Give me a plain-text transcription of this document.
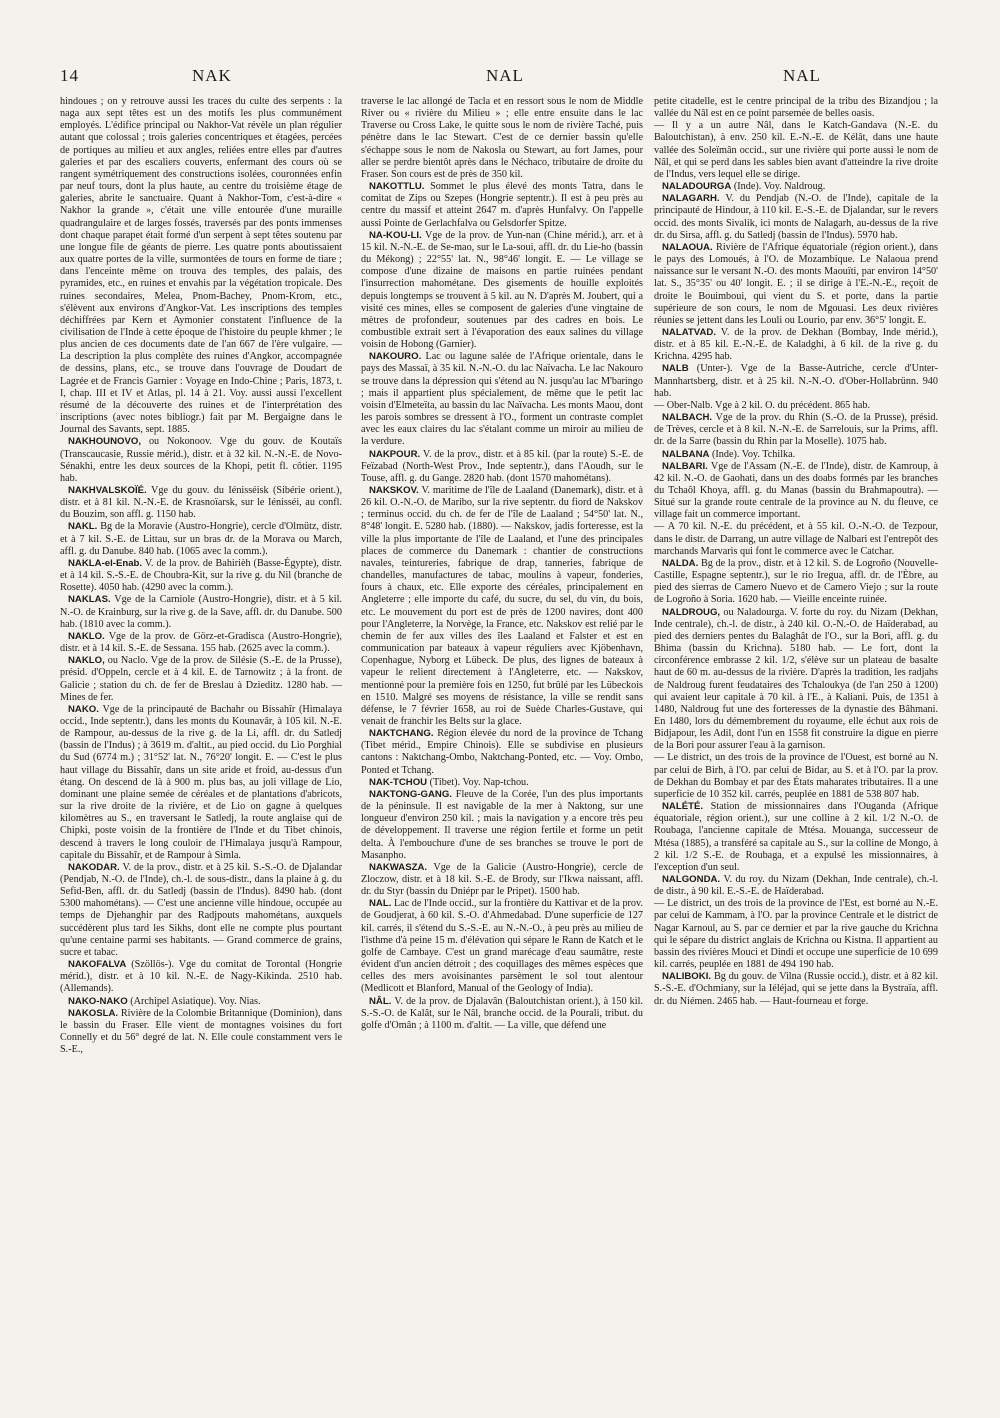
14	NAK	NAL	NAL

hindoues ; on y retrouve aussi les traces du culte des serpents : la naga aux sept têtes est un des motifs les plus communément employés. L'édifice principal ou Nakhor-Vat révèle un plan régulier autant que colossal ; trois galeries concentriques et étagées, percées de portiques au milieu et aux angles, reliées entre elles par d'autres galeries et par des escaliers couverts, enfermant des cours où se rangent symétriquement des constructions isolées, couronnées enfin par neuf tours, dont la plus haute, au centre du troisième étage de galeries, abrite le sanctuaire. Quant à Nakhor-Tom, c'est-à-dire « Nakhor la grande », c'était une ville entourée d'une muraille quadrangulaire et de larges fossés, traversés par des ponts immenses dont chaque parapet était formé d'un serpent à sept têtes soutenu par une longue file de géants de pierre. Les quatre ponts aboutissaient aux quatre portes de la ville, surmontées de tours en forme de tiare ; dans l'enceinte même on trouva des temples, des palais, des pyramides, etc., en ruines et envahis par la végétation tropicale. Des ruines secondaires, Melea, Pnom-Bachey, Pnom-Krom, etc., s'élèvent aux environs d'Angkor-Vat. Les inscriptions des temples déchiffrées par Kern et Aymonier constatent l'influence de la civilisation de l'Inde à cette époque de l'histoire du peuple khmer ; le plus ancien de ces documents date de l'an 667 de l'ère vulgaire. — La description la plus complète des ruines d'Angkor, accompagnée de dessins, plans, etc., se trouve dans l'ouvrage de Doudart de Lagrée et de Francis Garnier : Voyage en Indo-Chine ; Paris, 1873, t. I, chap. III et IV et Atlas, pl. 14 à 21. Voy. aussi aussi l'excellent résumé de la découverte des ruines et de l'interprétation des inscriptions (avec notes bibliogr.) fait par M. Bergaigne dans le Journal des Savants, sept. 1885.

NAKHOUNOVO, ou Nokonoov. Vge du gouv. de Koutaïs (Transcaucasie, Russie mérid.), distr. et à 32 kil. N.-N.-E. de Novo-Sénakhi, entre les deux sources de la Khopi, petit fl. côtier. 1195 hab.

NAKHVALSKOÏÉ. Vge du gouv. du Iénisséisk (Sibérie orient.), distr. et à 81 kil. N.-N.-E. de Krasnoïarsk, sur le Iénisséi, au confl. du Bouzim, son affl. g. 1150 hab.

NAKL. Bg de la Moravie (Austro-Hongrie), cercle d'Olmütz, distr. et à 7 kil. S.-E. de Littau, sur un bras dr. de la Morava ou March, affl. g. du Danube. 840 hab. (1065 avec la comm.).

NAKLA-el-Enab. V. de la prov. de Bahirièh (Basse-Égypte), distr. et à 14 kil. S.-S.-E. de Choubra-Kit, sur la rive g. du Nil (branche de Rosette). 4050 hab. (4290 avec la comm.).

NAKLAS. Vge de la Carniole (Austro-Hongrie), distr. et à 5 kil. N.-O. de Krainburg, sur la rive g. de la Save, affl. dr. du Danube. 500 hab. (1810 avec la comm.).

NAKLO. Vge de la prov. de Görz-et-Gradisca (Austro-Hongrie), distr. et à 14 kil. S.-E. de Sessana. 155 hab. (2625 avec la comm.).

NAKLO, ou Naclo. Vge de la prov. de Silésie (S.-E. de la Prusse), présid. d'Oppeln, cercle et à 4 kil. E. de Tarnowitz ; à la front. de Galicie ; station du ch. de fer de Breslau à Dzieditz. 1280 hab. — Mines de fer.

NAKO. Vge de la principauté de Bachahr ou Bissahîr (Himalaya occid., Inde septentr.), dans les monts du Kounavâr, à 105 kil. N.-E. de Rampour, au-dessus de la rive g. de la Li, affl. dr. du Satledj (bassin de l'Indus) ; à 3619 m. d'altit., au pied occid. du Lio Porghial du Sud (6774 m.) ; 31°52' lat. N., 76°20' longit. E. — C'est le plus haut village du Bissahîr, dans un site aride et froid, au-dessus d'un étang. On descend de là à 900 m. plus bas, au joli village de Lio, dominant une plaine semée de céréales et de plantations d'abricots, sur la rive droite de la rivière, et de Lio on gagne à quelques kilomètres au S., en traversant le Satledj, la route anglaise qui de Chipki, poste voisin de la frontière de l'Inde et du Tibet chinois, descend à travers le long couloir de l'Himalaya jusqu'à Rampour, capitale du Bissahîr, et de Rampour à Simla.

NAKODAR. V. de la prov., distr. et à 25 kil. S.-S.-O. de Djalandar (Pendjab, N.-O. de l'Inde), ch.-l. de sous-distr., dans la plaine à g. du Sefid-Ben, affl. dr. du Satledj (bassin de l'Indus). 8490 hab. (dont 5300 mahométans). — C'est une ancienne ville hindoue, occupée au temps de Djehanghir par des Radjpouts mahométans, auxquels succédèrent plus tard les Sikhs, dont elle ne compte plus pourtant qu'une centaine parmi ses habitants. — Grand commerce de grains, sucre et tabac.

NAKOFALVA (Szöllös-). Vge du comitat de Torontal (Hongrie mérid.), distr. et à 10 kil. N.-E. de Nagy-Kikinda. 2510 hab. (Allemands).

NAKO-NAKO (Archipel Asiatique). Voy. Nias.

NAKOSLA. Rivière de la Colombie Britannique (Dominion), dans le bassin du Fraser. Elle vient de montagnes voisines du fort Connelly et du 56° degré de lat. N. Elle coule constamment vers le S.-E.,

traverse le lac allongé de Tacla et en ressort sous le nom de Middle River ou « rivière du Milieu » ; elle entre ensuite dans le lac Traverse ou Cross Lake, le quitte sous le nom de rivière Taché, puis pénètre dans le lac Stewart. C'est de ce dernier bassin qu'elle s'échappe sous le nom de Nakosla ou Stewart, au fort James, pour aller se perdre bientôt après dans le Néchaco, tributaire de droite du Fraser. Son cours est de près de 350 kil.

NAKOTTLU. Sommet le plus élevé des monts Tatra, dans le comitat de Zips ou Szepes (Hongrie septentr.). Il est à peu près au centre du massif et atteint 2647 m. d'après Hunfalvy. On l'appelle aussi Pointe de Gerlachfalva ou Gelsdorfer Spitze.

NA-KOU-LI. Vge de la prov. de Yun-nan (Chine mérid.), arr. et à 15 kil. N.-N.-E. de Se-mao, sur le La-soui, affl. dr. du Lie-ho (bassin du Mékong) ; 22°55' lat. N., 98°46' longit. E. — Le village se compose d'une dizaine de maisons en partie ruinées pendant l'insurrection mahométane. Des gisements de houille exploités depuis longtemps se trouvent à 5 kil. au N. D'après M. Joubert, qui a visité ces mines, elles se composent de galeries d'une vingtaine de mètres de profondeur, soutenues par des cadres en bois. Le combustible extrait sert à l'évaporation des eaux salines du village voisin de Hobong (Garnier).

NAKOURO. Lac ou lagune salée de l'Afrique orientale, dans le pays des Massaï, à 35 kil. N.-N.-O. du lac Naïvacha. Le lac Nakouro se trouve dans la dépression qui s'étend au N. jusqu'au lac M'baringo ; mais il appartient plus spécialement, de même que le petit lac voisin d'Elmeteïta, au bassin du lac Naïvacha. Les monts Maou, dont les parois sombres se dressent à l'O., forment un contraste complet avec les eaux claires du lac s'étalant comme un miroir au milieu de la verdure.

NAKPOUR. V. de la prov., distr. et à 85 kil. (par la route) S.-E. de Feïzabad (North-West Prov., Inde septentr.), dans l'Aoudh, sur le Touse, affl. g. du Gange. 2820 hab. (dont 1570 mahométans).

NAKSKOV. V. maritime de l'île de Laaland (Danemark), distr. et à 26 kil. O.-N.-O. de Maribo, sur la rive septentr. du fiord de Nakskov ; terminus occid. du ch. de fer de l'île de Laaland ; 54°50' lat. N., 8°48' longit. E. 5280 hab. (1880). — Nakskov, jadis forteresse, est la ville la plus importante de l'île de Laaland, et l'une des principales places de commerce du Danemark : chantier de constructions navales, teintureries, fabrique de drap, tanneries, fabrique de chandelles, manufactures de tabac, moulins à vapeur, fonderies, fours à chaux, etc. Elle exporte des céréales, principalement en Angleterre ; elle importe du café, du sucre, du sel, du vin, du bois, etc. Le mouvement du port est de près de 1200 navires, dont 400 pour l'Angleterre, la Norvège, la France, etc. Nakskov est relié par le chemin de fer aux villes des îles Laaland et Falster et est en communication par bateaux à vapeur réguliers avec Kjöbenhavn, Copenhague, Nyborg et Lübeck. De plus, des lignes de bateaux à vapeur le relient directement à l'Angleterre, etc. — Nakskov, mentionné pour la première fois en 1250, fut brûlé par les Lübeckois en 1510. Malgré ses moyens de résistance, la ville se rendit sans défense, le 7 février 1658, au roi de Suède Charles-Gustave, qui venait de franchir les Belts sur la glace.

NAKTCHANG. Région élevée du nord de la province de Tchang (Tibet mérid., Empire Chinois). Elle se subdivise en plusieurs cantons : Naktchang-Ombo, Naktchang-Ponted, etc. — Voy. Ombo, Ponted et Tchang.

NAK-TCHOU (Tibet). Voy. Nap-tchou.

NAKTONG-GANG. Fleuve de la Corée, l'un des plus importants de la péninsule. Il est navigable de la mer à Naktong, sur une longueur d'environ 250 kil. ; mais la navigation y a encore très peu de développement. Il traverse une région fertile et forme un petit delta. À l'embouchure d'une de ses branches se trouve le port de Masanpho.

NAKWASZA. Vge de la Galicie (Austro-Hongrie), cercle de Zloczow, distr. et à 18 kil. S.-E. de Brody, sur l'Ikwa naissant, affl. dr. du Styr (bassin du Dniépr par le Pripet). 1500 hab.

NAL. Lac de l'Inde occid., sur la frontière du Kattivar et de la prov. de Goudjerat, à 60 kil. S.-O. d'Ahmedabad. D'une superficie de 127 kil. carrés, il s'étend du S.-S.-E. au N.-N.-O., à peu près au milieu de l'isthme d'à peine 15 m. d'élévation qui sépare le Rann de Katch et le golfe de Cambaye. C'est un grand marécage d'eau saumâtre, reste évident d'un ancien détroit ; des coquillages des mêmes espèces que celles des mers avoisinantes parsèment le sol tout alentour (Medlicott et Blanford, Manual of the Geology of India).

NÂL. V. de la prov. de Djalavân (Baloutchistan orient.), à 150 kil. S.-S.-O. de Kalât, sur le Nâl, branche occid. de la Pourali, tribut. du golfe d'Omân ; à 1100 m. d'altit. — La ville, que défend une

petite citadelle, est le centre principal de la tribu des Bizandjou ; la vallée du Nâl est en ce point parsemée de belles oasis.

— Il y a un autre Nâl, dans le Katch-Gandava (N.-E. du Baloutchistan), à env. 250 kil. E.-N.-E. de Kélât, dans une haute vallée des Soleïmân occid., sur une rivière qui porte aussi le nom de Nâl, et qui se perd dans les sables bien avant d'atteindre la rive droite de l'Indus, vers lequel elle se dirige.

NALADOURGA (Inde). Voy. Naldroug.

NALAGARH. V. du Pendjab (N.-O. de l'Inde), capitale de la principauté de Hindour, à 110 kil. E.-S.-E. de Djalandar, sur le revers occid. des monts Sivalik, ici monts de Nalagarh, au-dessus de la rive dr. du Sirsa, affl. g. du Satledj (bassin de l'Indus). 5970 hab.

NALAOUA. Rivière de l'Afrique équatoriale (région orient.), dans le pays des Lomoués, à l'O. de Mozambique. Le Nalaoua prend naissance sur le versant N.-O. des monts Maouïti, par environ 14°50' lat. S., 35°35' ou 40' longit. E. ; il se dirige à l'E.-N.-E., reçoit de droite le Bouimboui, qui vient du S. et porte, dans la partie supérieure de son cours, le nom de Mgouasi. Les deux rivières réunies se jettent dans les Louli ou Lourio, par env. 36°5' longit. E.

NALATVAD. V. de la prov. de Dekhan (Bombay, Inde mérid.), distr. et à 85 kil. E.-N.-E. de Kaladghi, à 6 kil. de la rive g. du Krichna. 4295 hab.

NALB (Unter-). Vge de la Basse-Autriche, cercle d'Unter-Mannhartsberg, distr. et à 25 kil. N.-N.-O. d'Ober-Hollabrünn. 940 hab.

— Ober-Nalb. Vge à 2 kil. O. du précédent. 865 hab.

NALBACH. Vge de la prov. du Rhin (S.-O. de la Prusse), présid. de Trèves, cercle et à 8 kil. N.-N.-E. de Sarrelouis, sur la Prims, affl. dr. de la Sarre (bassin du Rhin par la Moselle). 1075 hab.

NALBANA (Inde). Voy. Tchilka.

NALBARI. Vge de l'Assam (N.-E. de l'Inde), distr. de Kamroup, à 42 kil. N.-O. de Gaohati, dans un des doabs formés par les branches du Tchaôl Khoya, affl. g. du Manas (bassin du Brahmapoutra). — Situé sur la grande route centrale de la province au N. du fleuve, ce village fait un commerce important.

— A 70 kil. N.-E. du précédent, et à 55 kil. O.-N.-O. de Tezpour, dans le distr. de Darrang, un autre village de Nalbari est l'entrepôt des marchands Marvaris qui font le commerce avec le Catchar.

NALDA. Bg de la prov., distr. et à 12 kil. S. de Logroño (Nouvelle-Castille, Espagne septentr.), sur le rio Iregua, affl. dr. de l'Èbre, au pied des sierras de Camero Nuevo et de Camero Viejo ; sur la route de Logroño à Soria. 1620 hab. — Vieille enceinte ruinée.

NALDROUG, ou Naladourga. V. forte du roy. du Nizam (Dekhan, Inde centrale), ch.-l. de distr., à 240 kil. O.-N.-O. de Haïderabad, au pied des derniers pentes du Balaghât de l'O., sur la Bori, affl. g. du Bhima (bassin du Krichna). 5180 hab. — Le fort, dont la circonférence embrasse 2 kil. 1/2, s'élève sur un plateau de basalte haut de 60 m. au-dessus de la rivière. D'après la tradition, les radjahs de Naldroug furent feudataires des Tchaloukya (de l'an 250 à 1200) qui avaient leur capitale à 70 kil. à l'E., à Kaliani. Puis, de 1351 à 1480, Naldroug fut une des forteresses de la dynastie des Bâhmani. En 1480, lors du démembrement du royaume, elle échut aux rois de Bidjapour, les Adil, dont l'un en 1558 fit construire la digue en pierre de la Bori pour assurer l'eau à la garnison.

— Le district, un des trois de la province de l'Ouest, est borné au N. par celui de Birh, à l'O. par celui de Bidar, au S. et à l'O. par la prov. de Dekhan du Bombay et par des États maharates tributaires. Il a une superficie de 10 352 kil. carrés, peuplée en 1881 de 538 807 hab.

NALÉTÉ. Station de missionnaires dans l'Ouganda (Afrique équatoriale, région orient.), sur une colline à 2 kil. 1/2 N.-O. de Roubaga, l'ancienne capitale de Mtésa. Mouanga, successeur de Mtésa (1885), a transféré sa capitale au S., sur la colline de Mongo, à 2 kil. 1/2 S.-E. de Roubaga, et a expulsé les missionnaires, à l'exception d'un seul.

NALGONDA. V. du roy. du Nizam (Dekhan, Inde centrale), ch.-l. de distr., à 90 kil. E.-S.-E. de Haïderabad.

— Le district, un des trois de la province de l'Est, est borné au N.-E. par celui de Kammam, à l'O. par la province Centrale et le district de Nagar Karnoul, au S. par ce dernier et par la rive gauche du Krichna qui le sépare du district anglais de Krichna ou Kistna. Il appartient au bassin des rivières Mouci et Dindi et occupe une superficie de 10 699 kil. carrés, peuplée en 1881 de 494 190 hab.

NALIBOKI. Bg du gouv. de Vilna (Russie occid.), distr. et à 82 kil. S.-S.-E. d'Ochmiany, sur la Iéléjad, qui se jette dans la Bystraïa, affl. dr. du Niémen. 2465 hab. — Haut-fourneau et forge.
